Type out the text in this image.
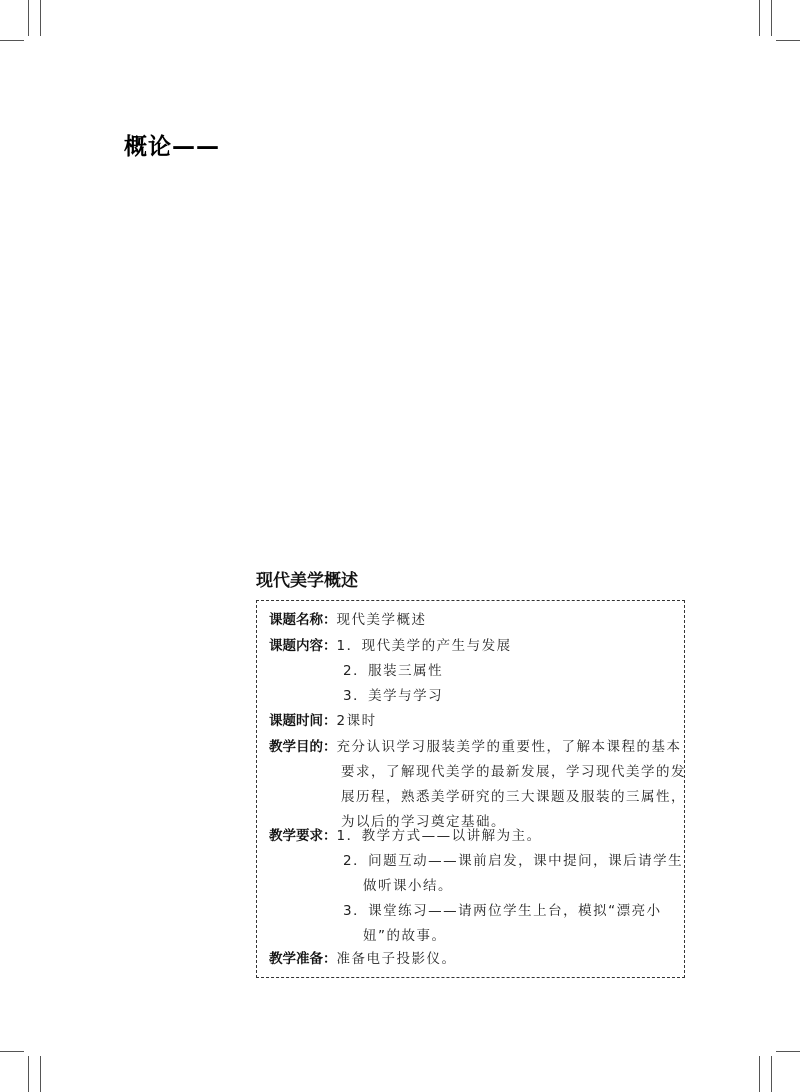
概论——
现代美学概述
课题名称：现代美学概述
课题内容：1．现代美学的产生与发展
2．服装三属性
3．美学与学习
课题时间：2课时
教学目的：充分认识学习服装美学的重要性，了解本课程的基本
要求，了解现代美学的最新发展，学习现代美学的发
展历程，熟悉美学研究的三大课题及服装的三属性，
为以后的学习奠定基础。
教学要求：1．教学方式——以讲解为主。
2．问题互动——课前启发，课中提问，课后请学生
做听课小结。
3．课堂练习——请两位学生上台，模拟“漂亮小
妞”的故事。
教学准备：准备电子投影仪。
